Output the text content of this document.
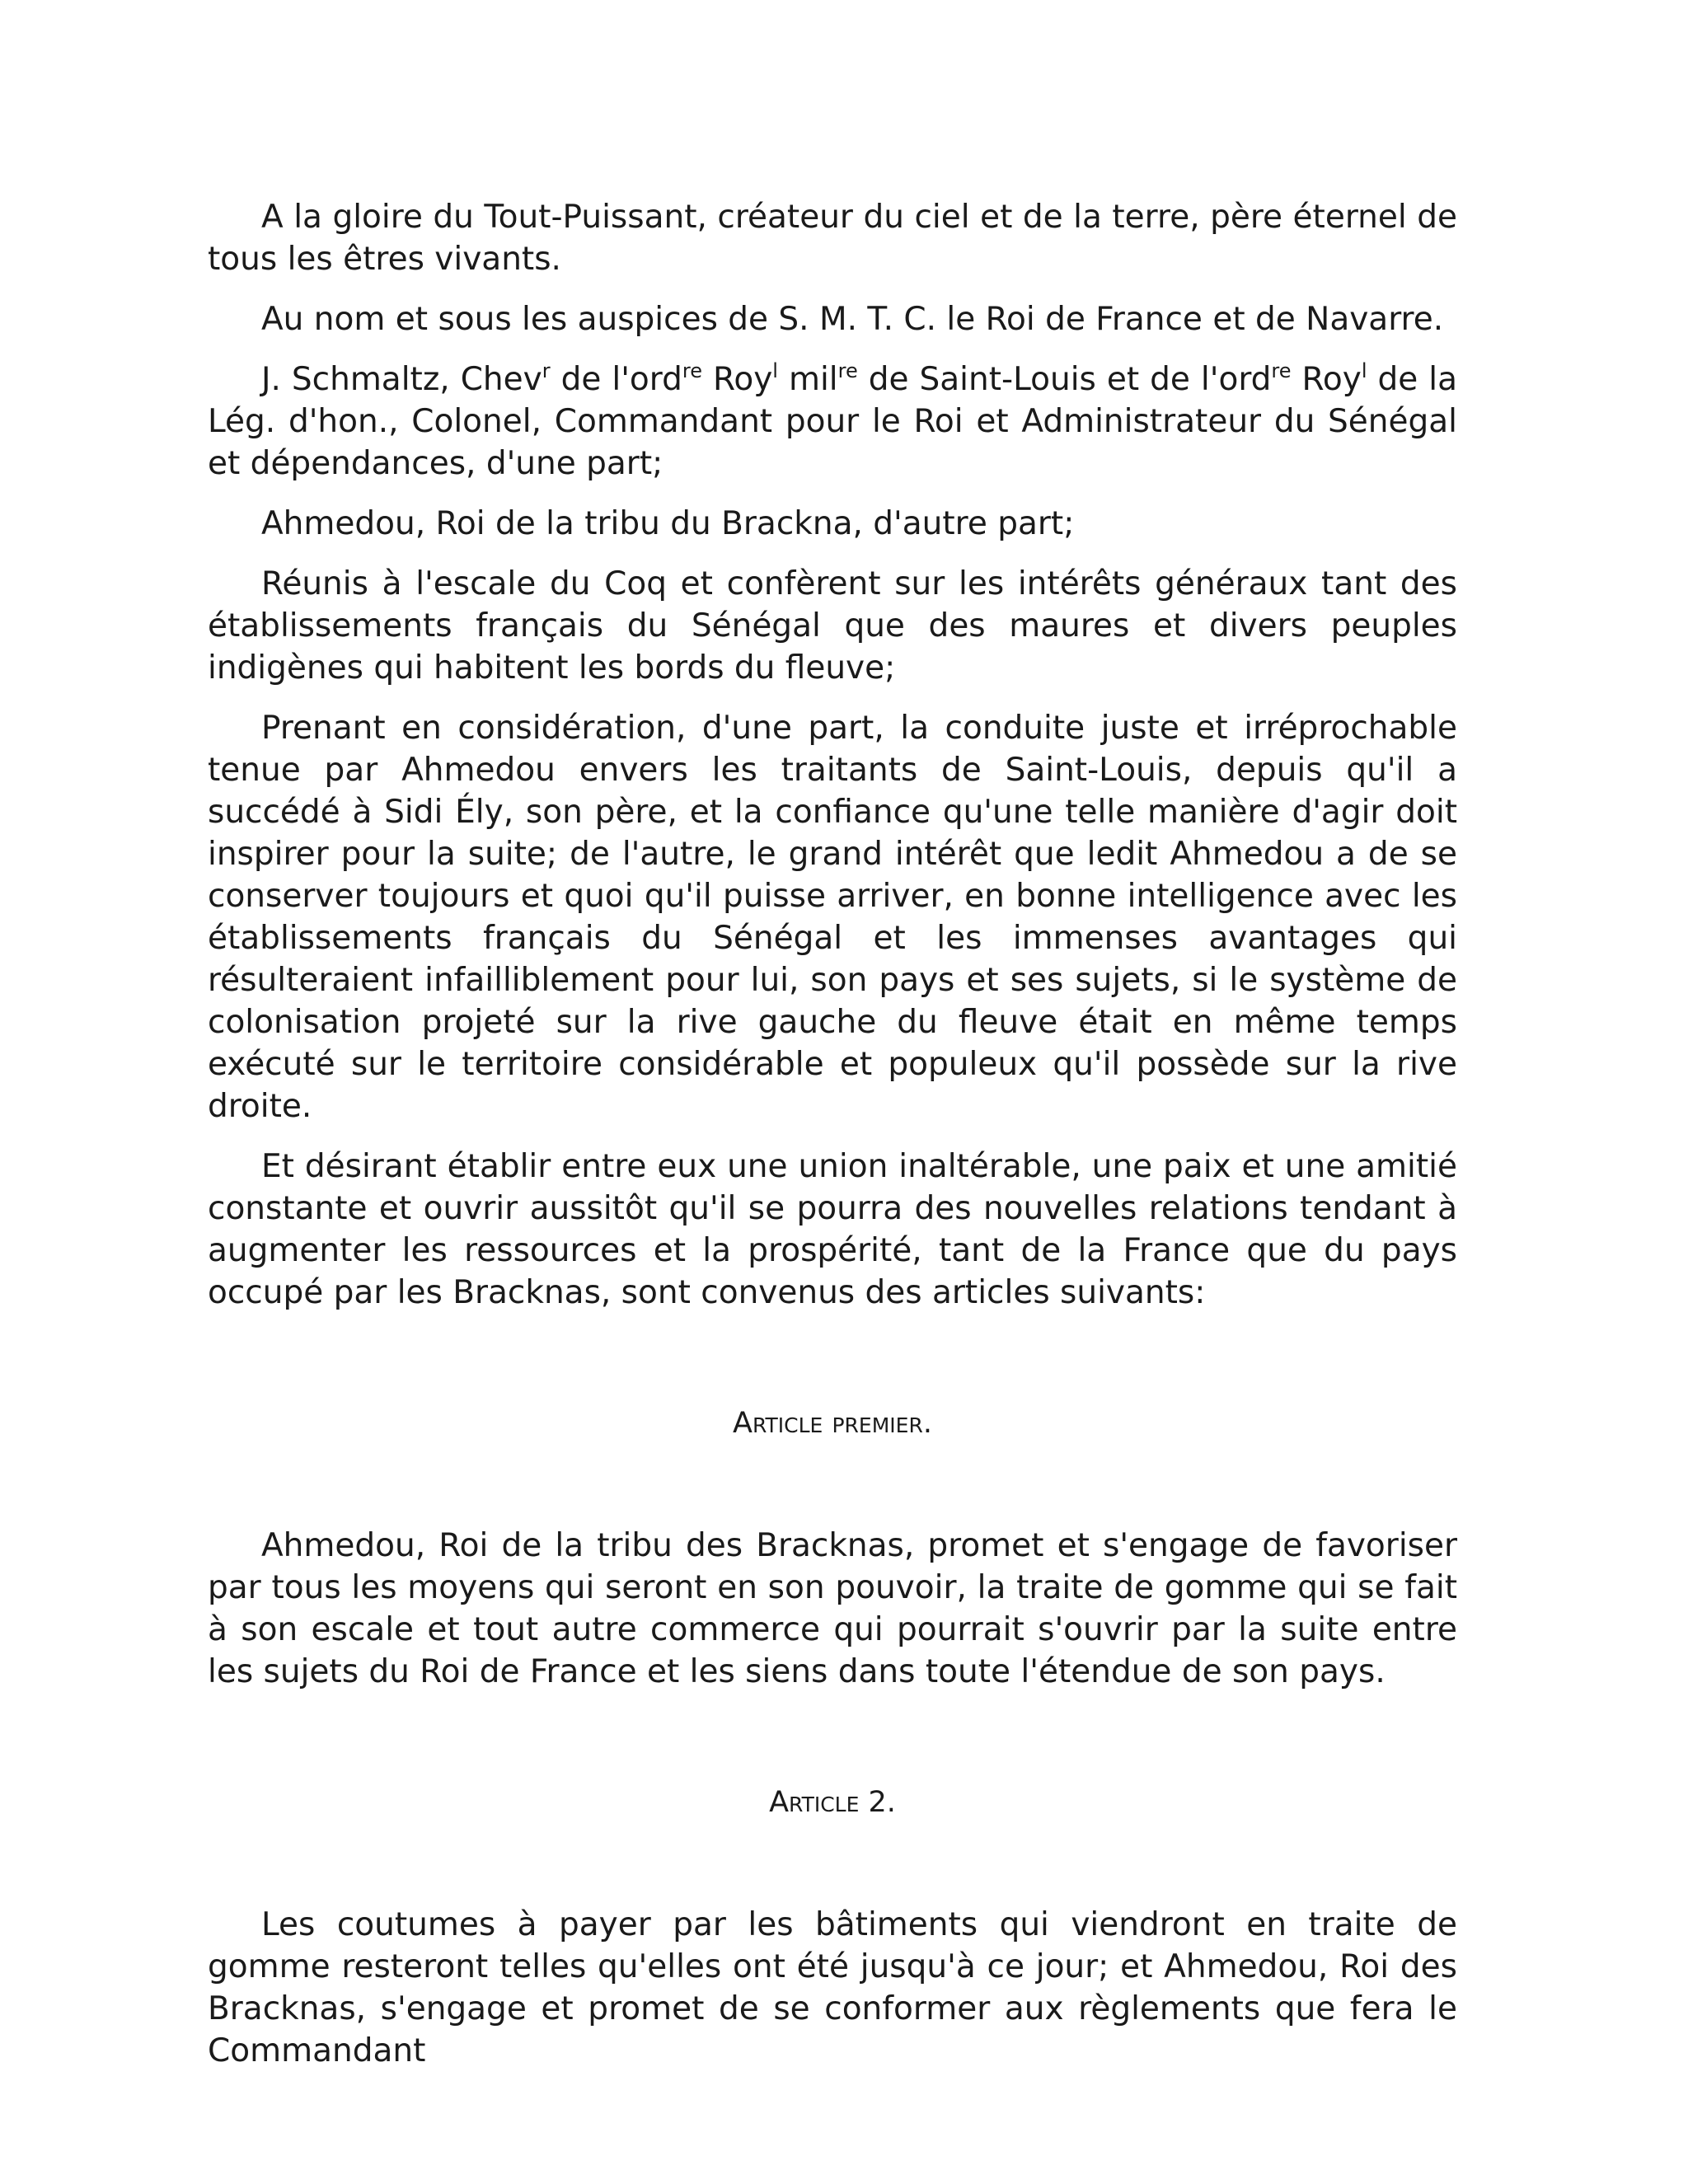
A la gloire du Tout-Puissant, créateur du ciel et de la terre, père éternel de tous les êtres vivants.

Au nom et sous les auspices de S. M. T. C. le Roi de France et de Navarre.

J. Schmaltz, Chev$^r$ de l'ord$^{re}$ Roy$^l$ mil$^{re}$ de Saint-Louis et de l'ord$^{re}$ Roy$^l$ de la Lég. d'hon., Colonel, Commandant pour le Roi et Administrateur du Sénégal et dépendances, d'une part;

Ahmedou, Roi de la tribu du Brackna, d'autre part;

Réunis à l'escale du Coq et confèrent sur les intérêts généraux tant des établissements français du Sénégal que des maures et divers peuples indigènes qui habitent les bords du fleuve;

Prenant en considération, d'une part, la conduite juste et irréprochable tenue par Ahmedou envers les traitants de Saint-Louis, depuis qu'il a succédé à Sidi Ély, son père, et la confiance qu'une telle manière d'agir doit inspirer pour la suite; de l'autre, le grand intérêt que ledit Ahmedou a de se conserver toujours et quoi qu'il puisse arriver, en bonne intelligence avec les établissements français du Sénégal et les immenses avantages qui résulteraient infailliblement pour lui, son pays et ses sujets, si le système de colonisation projeté sur la rive gauche du fleuve était en même temps exécuté sur le territoire considérable et populeux qu'il possède sur la rive droite.

Et désirant établir entre eux une union inaltérable, une paix et une amitié constante et ouvrir aussitôt qu'il se pourra des nouvelles relations tendant à augmenter les ressources et la prospérité, tant de la France que du pays occupé par les Bracknas, sont convenus des articles suivants:

Article premier.

Ahmedou, Roi de la tribu des Bracknas, promet et s'engage de favoriser par tous les moyens qui seront en son pouvoir, la traite de gomme qui se fait à son escale et tout autre commerce qui pourrait s'ouvrir par la suite entre les sujets du Roi de France et les siens dans toute l'étendue de son pays.

Article 2.

Les coutumes à payer par les bâtiments qui viendront en traite de gomme resteront telles qu'elles ont été jusqu'à ce jour; et Ahmedou, Roi des Bracknas, s'engage et promet de se conformer aux règlements que fera le Commandant
